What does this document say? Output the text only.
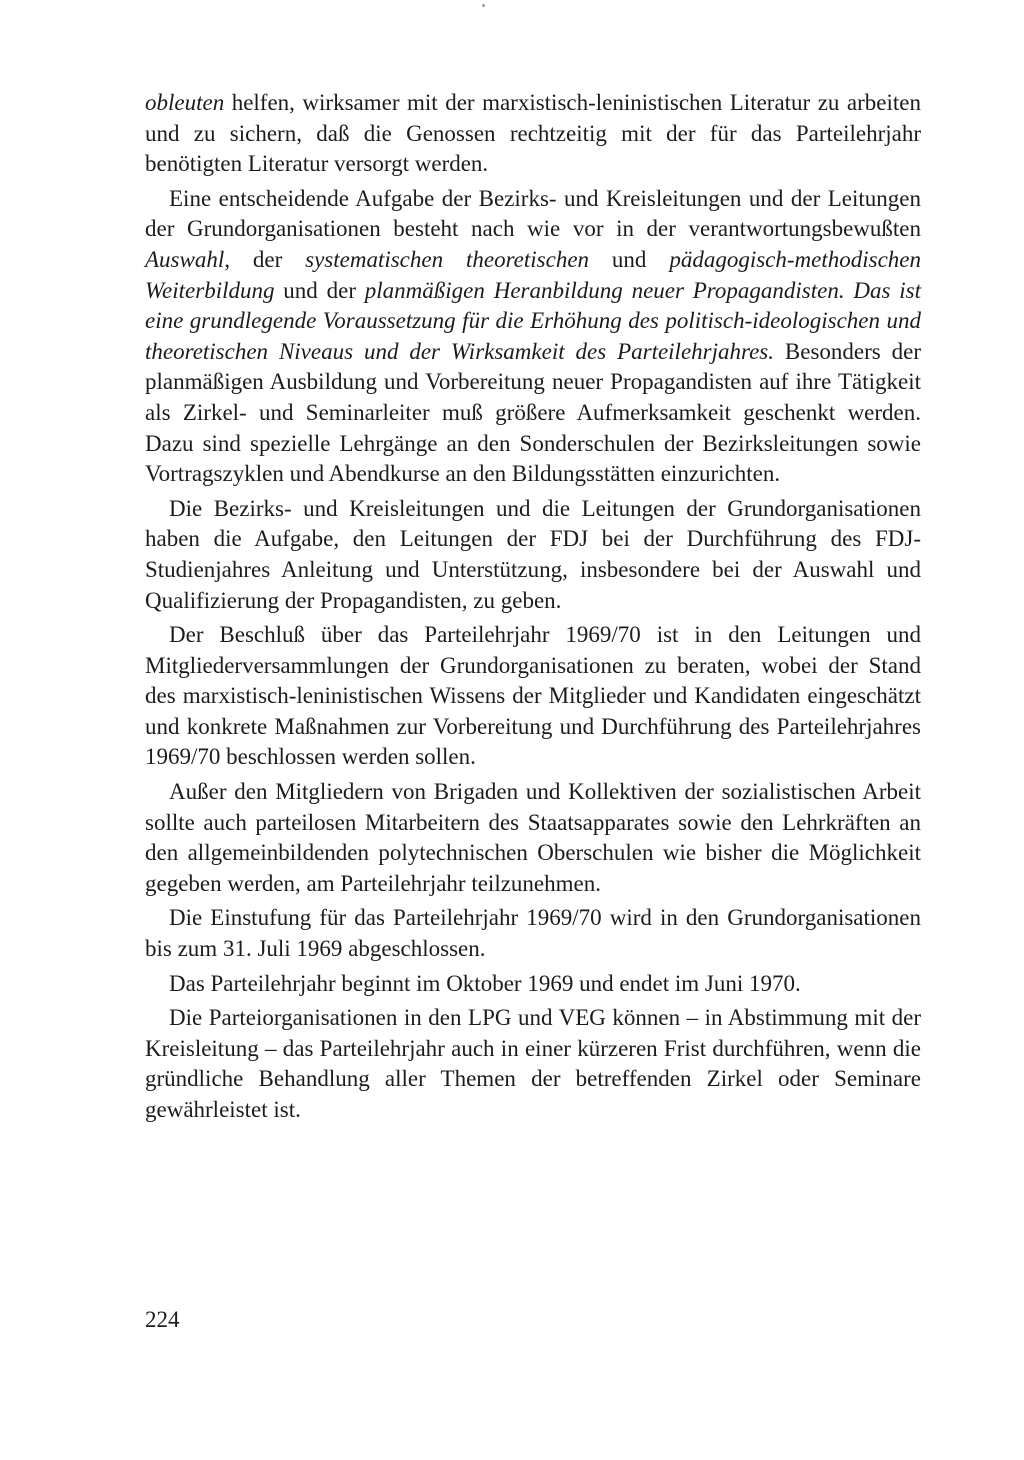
obleuten helfen, wirksamer mit der marxistisch-leninistischen Literatur zu arbeiten und zu sichern, daß die Genossen rechtzeitig mit der für das Parteilehrjahr benötigten Literatur versorgt werden.

Eine entscheidende Aufgabe der Bezirks- und Kreisleitungen und der Leitungen der Grundorganisationen besteht nach wie vor in der verantwortungsbewußten Auswahl, der systematischen theoretischen und pädagogisch-methodischen Weiterbildung und der planmäßigen Heranbildung neuer Propagandisten. Das ist eine grundlegende Voraussetzung für die Erhöhung des politisch-ideologischen und theoretischen Niveaus und der Wirksamkeit des Parteilehrjahres. Besonders der planmäßigen Ausbildung und Vorbereitung neuer Propagandisten auf ihre Tätigkeit als Zirkel- und Seminarleiter muß größere Aufmerksamkeit geschenkt werden. Dazu sind spezielle Lehrgänge an den Sonderschulen der Bezirksleitungen sowie Vortragszyklen und Abendkurse an den Bildungsstätten einzurichten.

Die Bezirks- und Kreisleitungen und die Leitungen der Grundorganisationen haben die Aufgabe, den Leitungen der FDJ bei der Durchführung des FDJ-Studienjahres Anleitung und Unterstützung, insbesondere bei der Auswahl und Qualifizierung der Propagandisten, zu geben.

Der Beschluß über das Parteilehrjahr 1969/70 ist in den Leitungen und Mitgliederversammlungen der Grundorganisationen zu beraten, wobei der Stand des marxistisch-leninistischen Wissens der Mitglieder und Kandidaten eingeschätzt und konkrete Maßnahmen zur Vorbereitung und Durchführung des Parteilehrjahres 1969/70 beschlossen werden sollen.

Außer den Mitgliedern von Brigaden und Kollektiven der sozialistischen Arbeit sollte auch parteilosen Mitarbeitern des Staatsapparates sowie den Lehrkräften an den allgemeinbildenden polytechnischen Oberschulen wie bisher die Möglichkeit gegeben werden, am Parteilehrjahr teilzunehmen.

Die Einstufung für das Parteilehrjahr 1969/70 wird in den Grundorganisationen bis zum 31. Juli 1969 abgeschlossen.

Das Parteilehrjahr beginnt im Oktober 1969 und endet im Juni 1970.

Die Parteiorganisationen in den LPG und VEG können – in Abstimmung mit der Kreisleitung – das Parteilehrjahr auch in einer kürzeren Frist durchführen, wenn die gründliche Behandlung aller Themen der betreffenden Zirkel oder Seminare gewährleistet ist.

224
